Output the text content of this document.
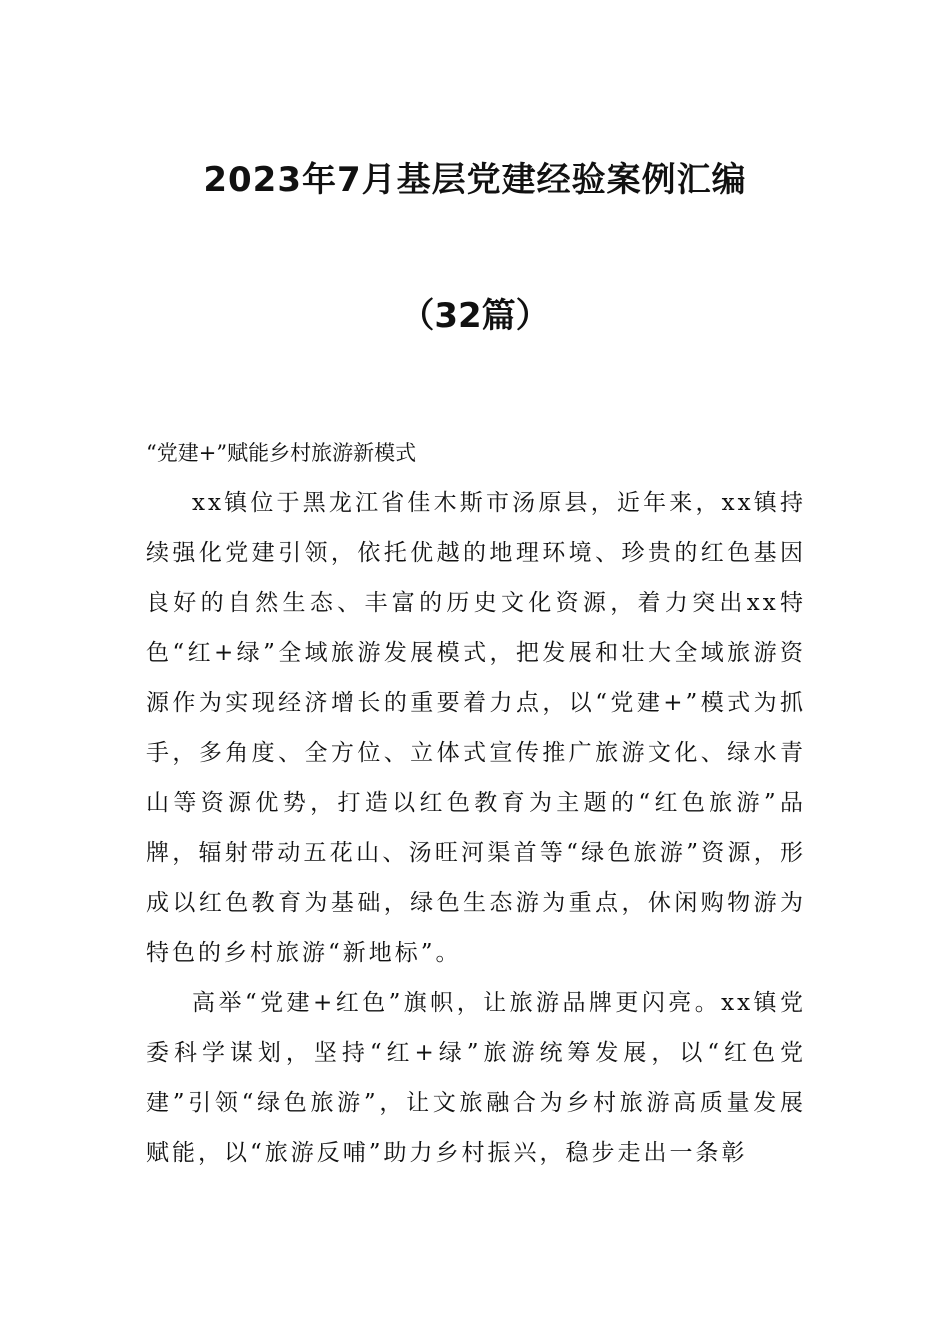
2023年7月基层党建经验案例汇编
（32篇）

“党建+”赋能乡村旅游新模式

xx镇位于黑龙江省佳木斯市汤原县，近年来，xx镇持续强化党建引领，依托优越的地理环境、珍贵的红色基因良好的自然生态、丰富的历史文化资源，着力突出xx特色“红+绿”全域旅游发展模式，把发展和壮大全域旅游资源作为实现经济增长的重要着力点，以“党建+”模式为抓手，多角度、全方位、立体式宣传推广旅游文化、绿水青山等资源优势，打造以红色教育为主题的“红色旅游”品牌，辐射带动五花山、汤旺河渠首等“绿色旅游”资源，形成以红色教育为基础，绿色生态游为重点，休闲购物游为特色的乡村旅游“新地标”。

高举“党建+红色”旗帜，让旅游品牌更闪亮。xx镇党委科学谋划，坚持“红+绿”旅游统筹发展，以“红色党建”引领“绿色旅游”，让文旅融合为乡村旅游高质量发展赋能，以“旅游反哺”助力乡村振兴，稳步走出一条彰
